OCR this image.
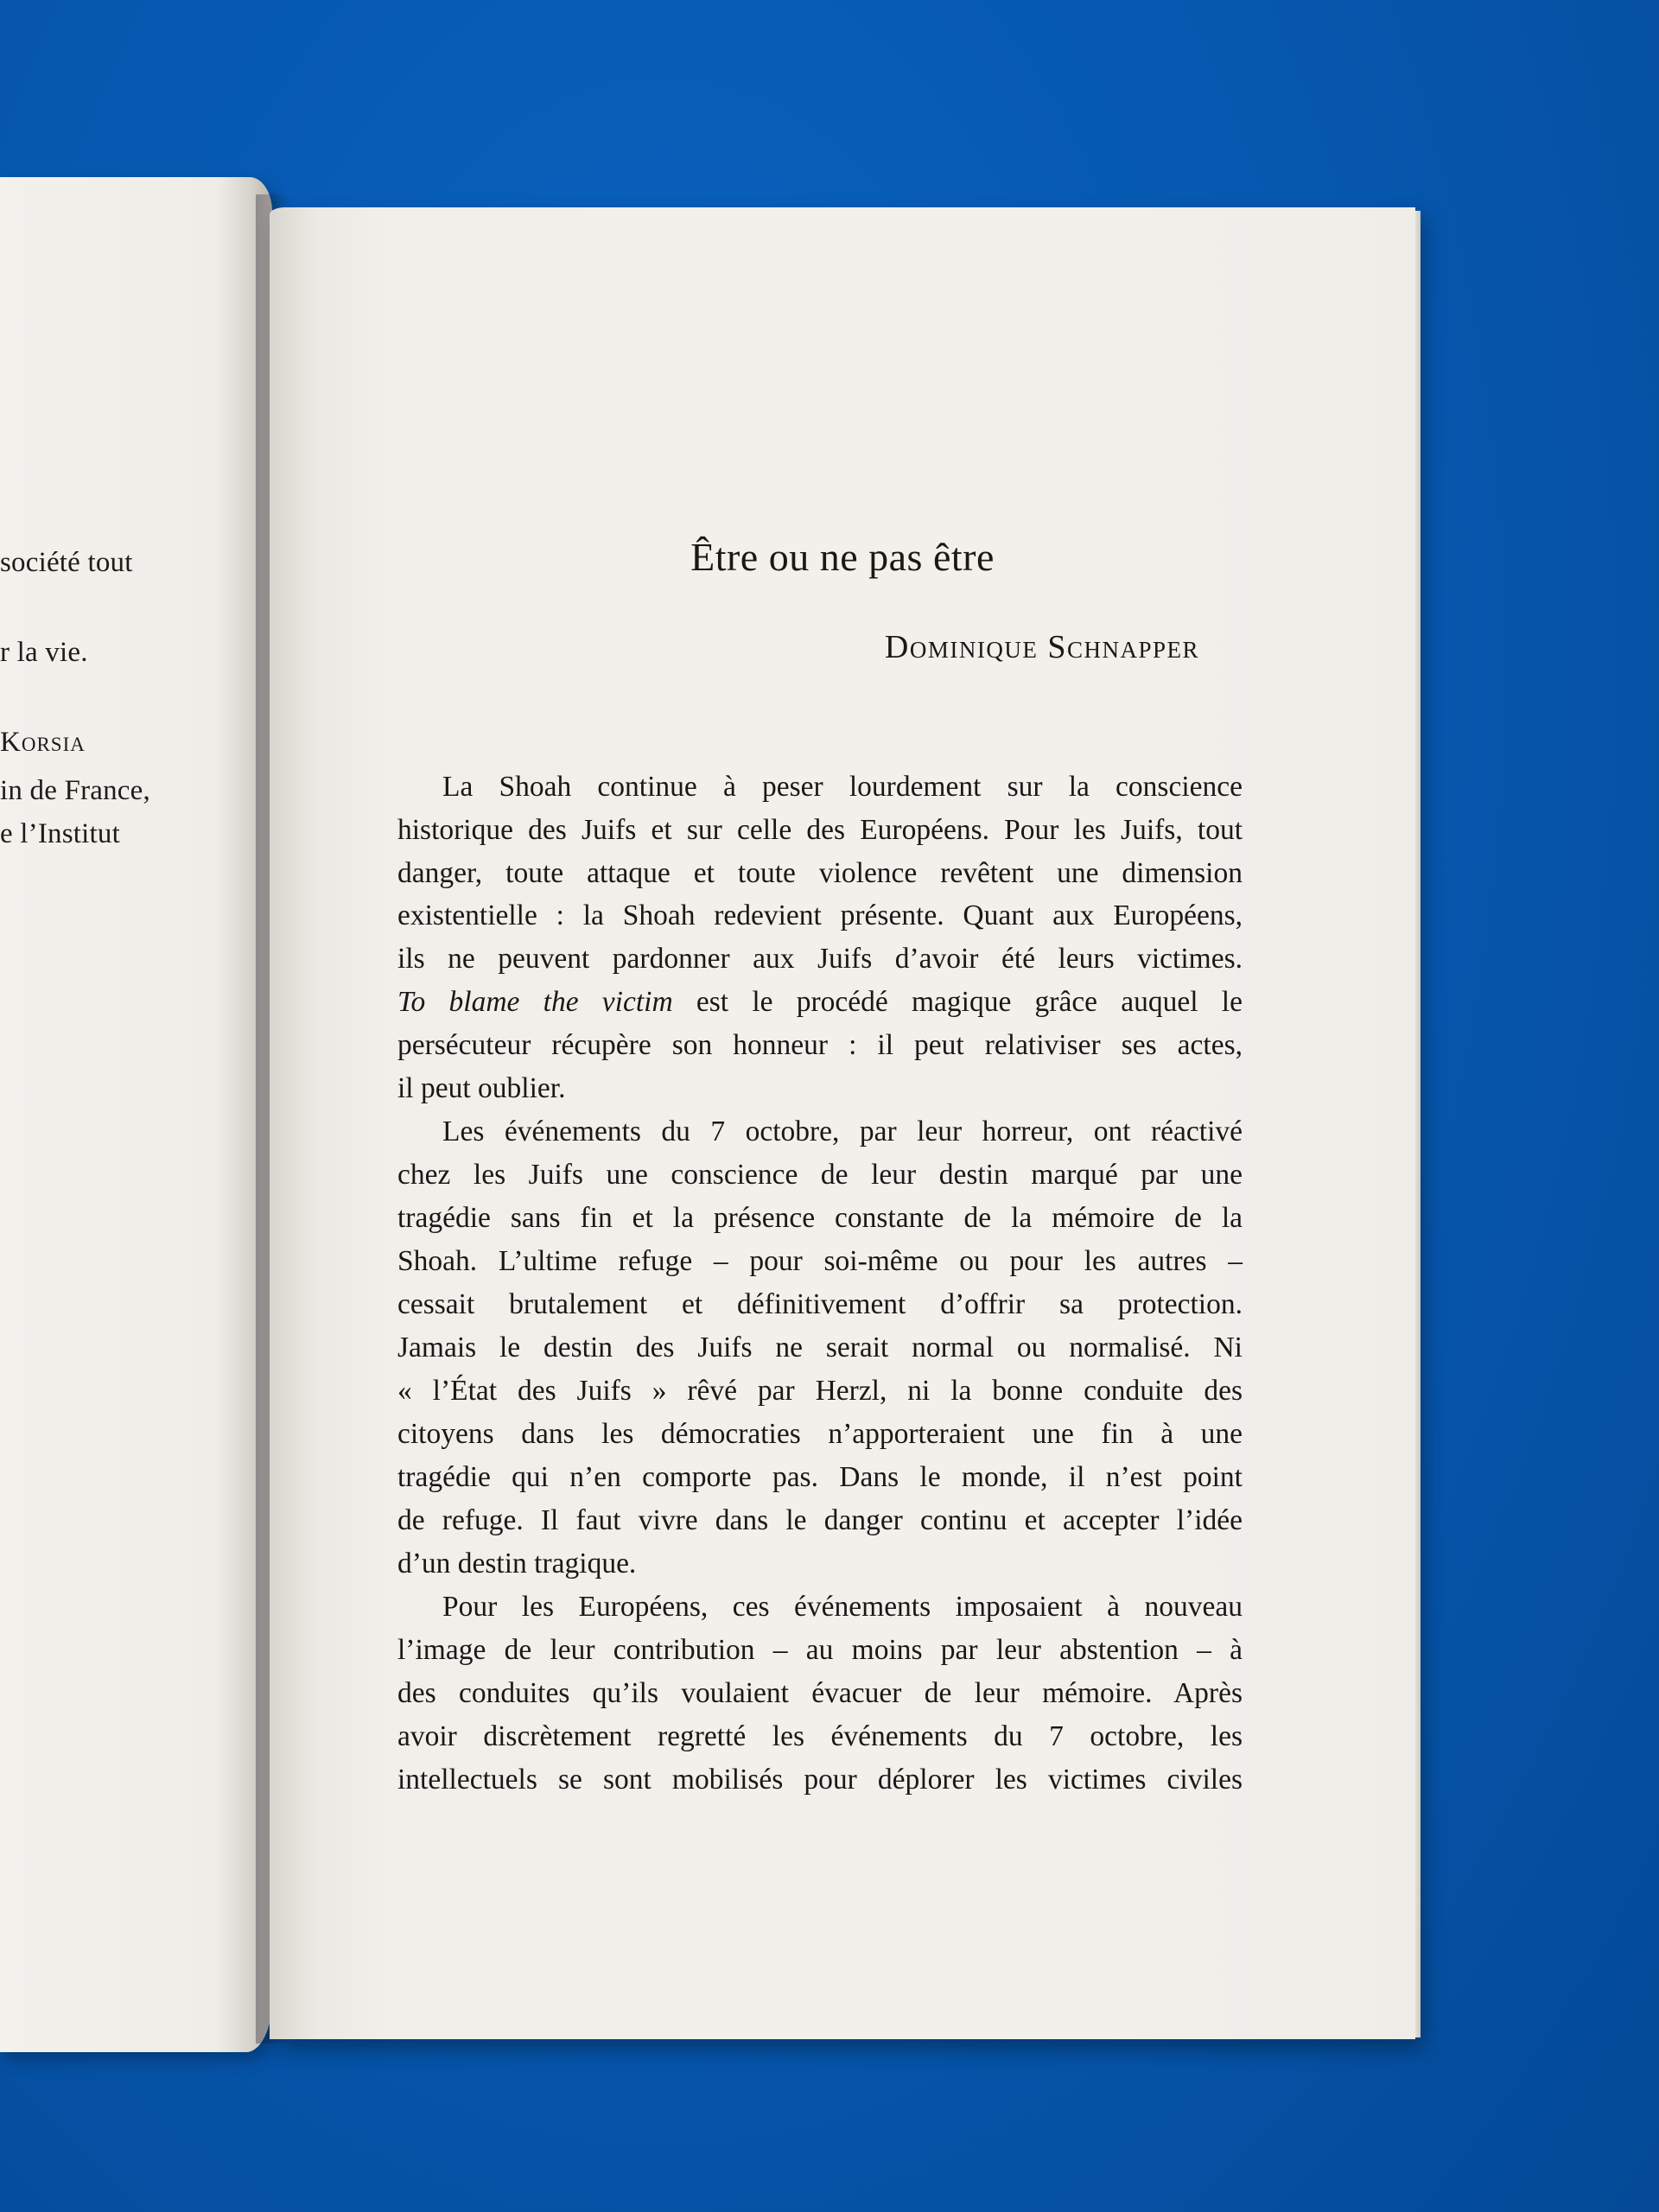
société tout
r la vie.
Korsia
in de France,
e l’Institut
Être ou ne pas être
Dominique Schnapper
La Shoah continue à peser lourdement sur la conscience
historique des Juifs et sur celle des Européens. Pour les Juifs, tout
danger, toute attaque et toute violence revêtent une dimension
existentielle : la Shoah redevient présente. Quant aux Européens,
ils ne peuvent pardonner aux Juifs d’avoir été leurs victimes.
To blame the victim est le procédé magique grâce auquel le
persécuteur récupère son honneur : il peut relativiser ses actes,
il peut oublier.
Les événements du 7 octobre, par leur horreur, ont réactivé
chez les Juifs une conscience de leur destin marqué par une
tragédie sans fin et la présence constante de la mémoire de la
Shoah. L’ultime refuge – pour soi-même ou pour les autres –
cessait brutalement et définitivement d’offrir sa protection.
Jamais le destin des Juifs ne serait normal ou normalisé. Ni
« l’État des Juifs » rêvé par Herzl, ni la bonne conduite des
citoyens dans les démocraties n’apporteraient une fin à une
tragédie qui n’en comporte pas. Dans le monde, il n’est point
de refuge. Il faut vivre dans le danger continu et accepter l’idée
d’un destin tragique.
Pour les Européens, ces événements imposaient à nouveau
l’image de leur contribution – au moins par leur abstention – à
des conduites qu’ils voulaient évacuer de leur mémoire. Après
avoir discrètement regretté les événements du 7 octobre, les
intellectuels se sont mobilisés pour déplorer les victimes civiles
